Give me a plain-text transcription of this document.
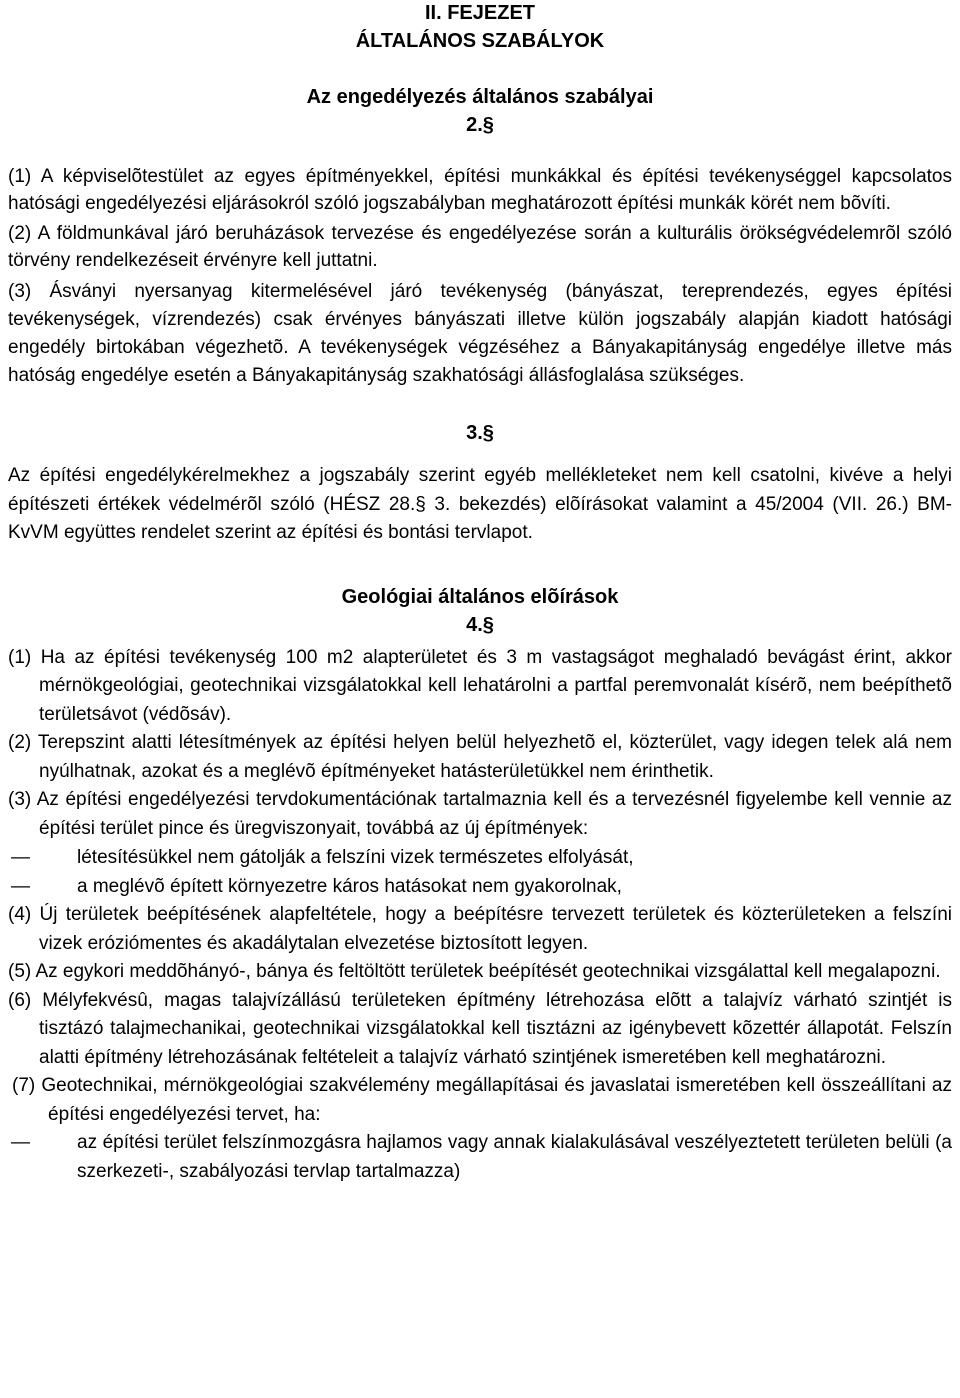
II. FEJEZET
ÁLTALÁNOS SZABÁLYOK
Az engedélyezés általános szabályai
2.§

(1) A képviselõtestület az egyes építményekkel, építési munkákkal és építési tevékenységgel kapcsolatos hatósági engedélyezési eljárásokról szóló jogszabályban meghatározott építési munkák körét nem bõvíti.

(2) A földmunkával járó beruházások tervezése és engedélyezése során a kulturális örökségvédelemrõl szóló törvény rendelkezéseit érvényre kell juttatni.

(3) Ásványi nyersanyag kitermelésével járó tevékenység (bányászat, tereprendezés, egyes építési tevékenységek, vízrendezés) csak érvényes bányászati illetve külön jogszabály alapján kiadott hatósági engedély birtokában végezhetõ. A tevékenységek végzéséhez a Bányakapitányság engedélye illetve más hatóság engedélye esetén a Bányakapitányság szakhatósági állásfoglalása szükséges.

3.§

Az építési engedélykérelmekhez a jogszabály szerint egyéb mellékleteket nem kell csatolni, kivéve a helyi építészeti értékek védelmérõl szóló (HÉSZ 28.§ 3. bekezdés) elõírásokat valamint a 45/2004 (VII. 26.) BM-KvVM együttes rendelet szerint az építési és bontási tervlapot.

Geológiai általános elõírások
4.§

(1) Ha az építési tevékenység 100 m2 alapterületet és 3 m vastagságot meghaladó bevágást érint, akkor mérnökgeológiai, geotechnikai vizsgálatokkal kell lehatárolni a partfal peremvonalát kísérõ, nem beépíthetõ területsávot (védõsáv).

(2) Terepszint alatti létesítmények az építési helyen belül helyezhetõ el, közterület, vagy idegen telek alá nem nyúlhatnak, azokat és a meglévõ építményeket hatásterületükkel nem érinthetik.

(3) Az építési engedélyezési tervdokumentációnak tartalmaznia kell és a tervezésnél figyelembe kell vennie az építési terület pince és üregviszonyait, továbbá az új építmények:

— létesítésükkel nem gátolják a felszíni vizek természetes elfolyását,
— a meglévõ épített környezetre káros hatásokat nem gyakorolnak,

(4) Új területek beépítésének alapfeltétele, hogy a beépítésre tervezett területek és közterületeken a felszíni vizek eróziómentes és akadálytalan elvezetése biztosított legyen.

(5) Az egykori meddõhányó-, bánya és feltöltött területek beépítését geotechnikai vizsgálattal kell megalapozni.

(6) Mélyfekvésû, magas talajvízállású területeken építmény létrehozása elõtt a talajvíz várható szintjét is tisztázó talajmechanikai, geotechnikai vizsgálatokkal kell tisztázni az igénybevett kõzettér állapotát. Felszín alatti építmény létrehozásának feltételeit a talajvíz várható szintjének ismeretében kell meghatározni.

(7) Geotechnikai, mérnökgeológiai szakvélemény megállapításai és javaslatai ismeretében kell összeállítani az építési engedélyezési tervet, ha:

— az építési terület felszínmozgásra hajlamos vagy annak kialakulásával veszélyeztetett területen belüli (a szerkezeti-, szabályozási tervlap tartalmazza)
